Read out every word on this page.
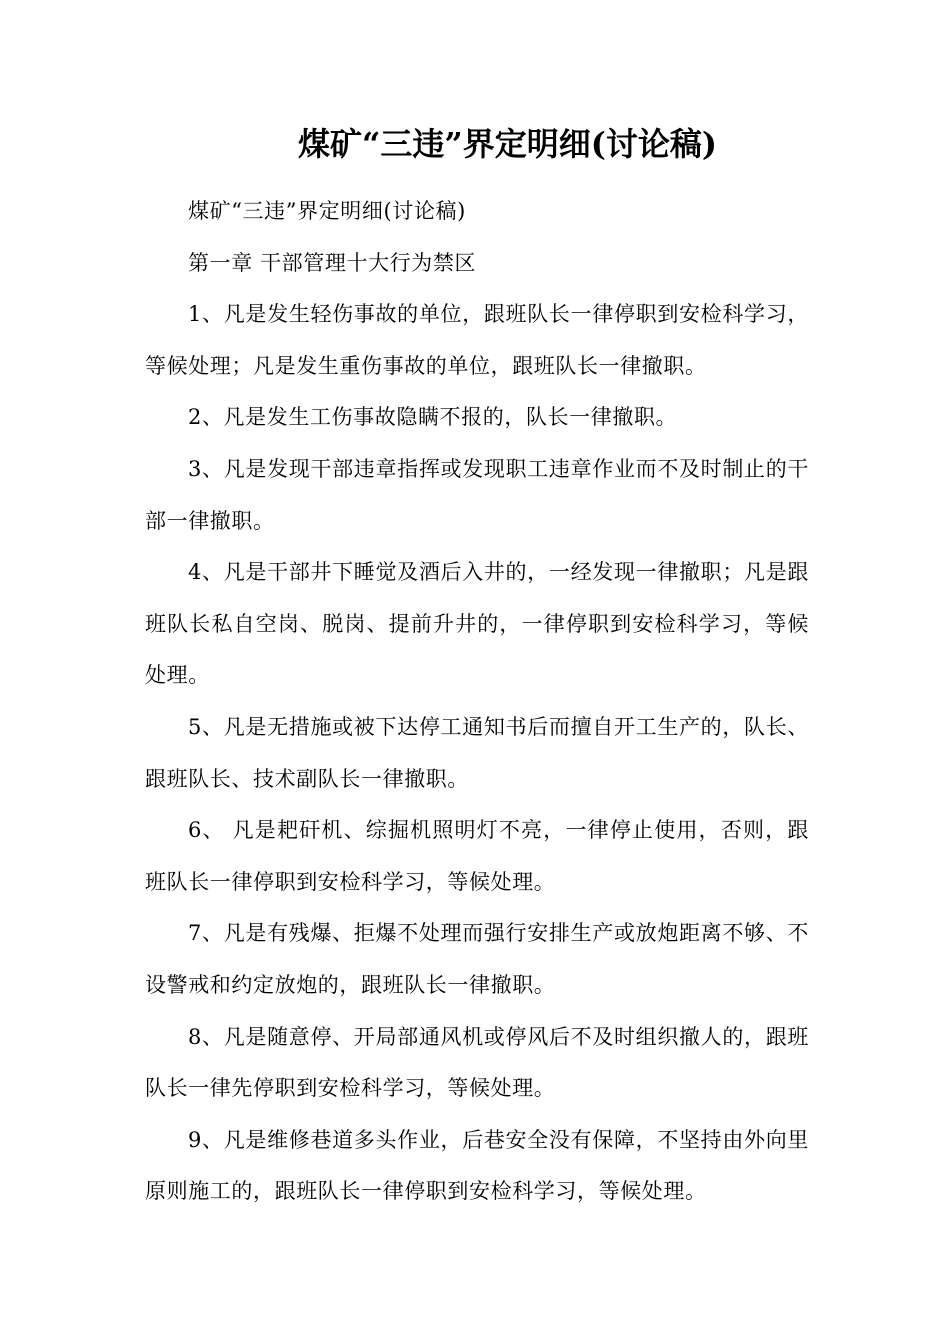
煤矿“三违”界定明细(讨论稿)

煤矿“三违”界定明细(讨论稿)

第一章 干部管理十大行为禁区

1、凡是发生轻伤事故的单位，跟班队长一律停职到安检科学习，等候处理；凡是发生重伤事故的单位，跟班队长一律撤职。

2、凡是发生工伤事故隐瞒不报的，队长一律撤职。

3、凡是发现干部违章指挥或发现职工违章作业而不及时制止的干部一律撤职。

4、凡是干部井下睡觉及酒后入井的，一经发现一律撤职；凡是跟班队长私自空岗、脱岗、提前升井的，一律停职到安检科学习，等候处理。

5、凡是无措施或被下达停工通知书后而擅自开工生产的，队长、跟班队长、技术副队长一律撤职。

6、 凡是耙矸机、综掘机照明灯不亮，一律停止使用，否则，跟班队长一律停职到安检科学习，等候处理。

7、凡是有残爆、拒爆不处理而强行安排生产或放炮距离不够、不设警戒和约定放炮的，跟班队长一律撤职。

8、凡是随意停、开局部通风机或停风后不及时组织撤人的，跟班队长一律先停职到安检科学习，等候处理。

9、凡是维修巷道多头作业，后巷安全没有保障，不坚持由外向里原则施工的，跟班队长一律停职到安检科学习，等候处理。
